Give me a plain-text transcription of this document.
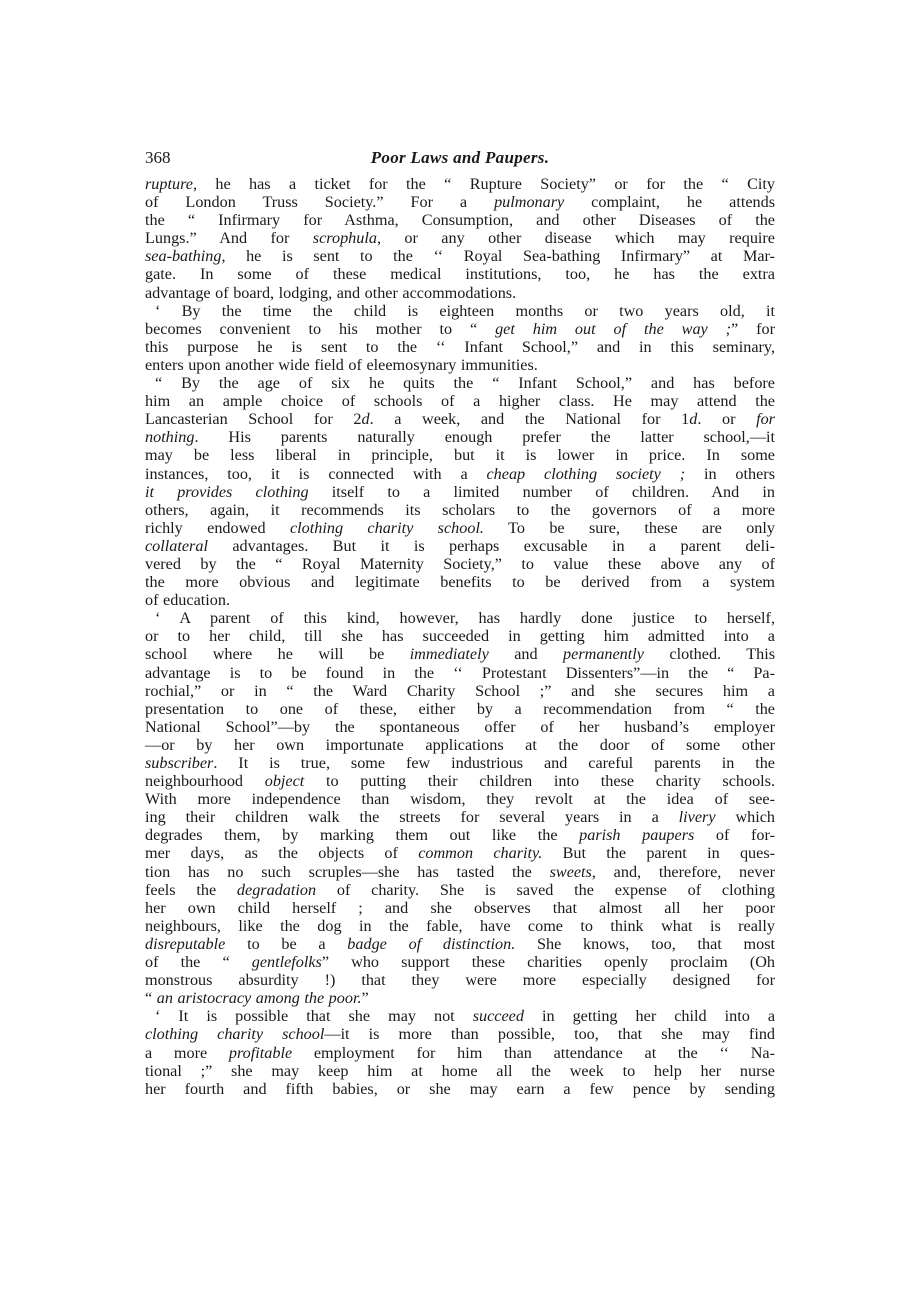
368	Poor Laws and Paupers.
rupture, he has a ticket for the “ Rupture Society” or for the “ City
of London Truss Society.” For a pulmonary complaint, he attends
the “ Infirmary for Asthma, Consumption, and other Diseases of the
Lungs.” And for scrophula, or any other disease which may require
sea-bathing, he is sent to the ‘‘ Royal Sea-bathing Infirmary” at Mar-
gate. In some of these medical institutions, too, he has the extra
advantage of board, lodging, and other accommodations.
‘ By the time the child is eighteen months or two years old, it
becomes convenient to his mother to “ get him out of the way ;” for
this purpose he is sent to the ‘‘ Infant School,” and in this seminary,
enters upon another wide field of eleemosynary immunities.
“ By the age of six he quits the “ Infant School,” and has before
him an ample choice of schools of a higher class. He may attend the
Lancasterian School for 2d. a week, and the National for 1d. or for
nothing. His parents naturally enough prefer the latter school,—it
may be less liberal in principle, but it is lower in price. In some
instances, too, it is connected with a cheap clothing society ; in others
it provides clothing itself to a limited number of children. And in
others, again, it recommends its scholars to the governors of a more
richly endowed clothing charity school. To be sure, these are only
collateral advantages. But it is perhaps excusable in a parent deli-
vered by the “ Royal Maternity Society,” to value these above any of
the more obvious and legitimate benefits to be derived from a system
of education.
‘ A parent of this kind, however, has hardly done justice to herself,
or to her child, till she has succeeded in getting him admitted into a
school where he will be immediately and permanently clothed. This
advantage is to be found in the ‘‘ Protestant Dissenters”—in the “ Pa-
rochial,” or in “ the Ward Charity School ;” and she secures him a
presentation to one of these, either by a recommendation from “ the
National School”—by the spontaneous offer of her husband’s employer
—or by her own importunate applications at the door of some other
subscriber. It is true, some few industrious and careful parents in the
neighbourhood object to putting their children into these charity schools.
With more independence than wisdom, they revolt at the idea of see-
ing their children walk the streets for several years in a livery which
degrades them, by marking them out like the parish paupers of for-
mer days, as the objects of common charity. But the parent in ques-
tion has no such scruples—she has tasted the sweets, and, therefore, never
feels the degradation of charity. She is saved the expense of clothing
her own child herself ; and she observes that almost all her poor
neighbours, like the dog in the fable, have come to think what is really
disreputable to be a badge of distinction. She knows, too, that most
of the “ gentlefolks” who support these charities openly proclaim (Oh
monstrous absurdity !) that they were more especially designed for
“ an aristocracy among the poor.”
‘ It is possible that she may not succeed in getting her child into a
clothing charity school—it is more than possible, too, that she may find
a more profitable employment for him than attendance at the ‘‘ Na-
tional ;” she may keep him at home all the week to help her nurse
her fourth and fifth babies, or she may earn a few pence by sending
